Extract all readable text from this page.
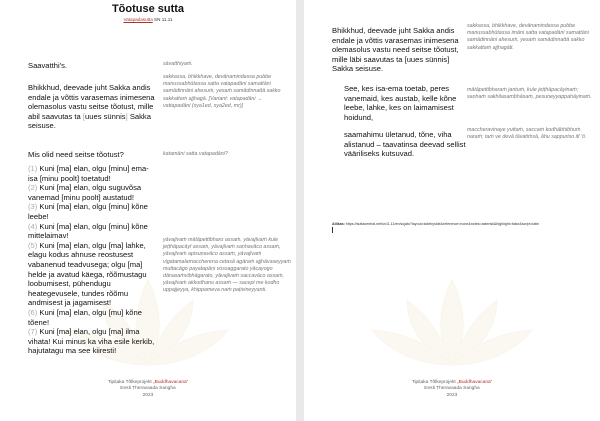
Tõotuse sutta
Vatapadasutta SN 11.11
Saavatthi's.	sāvatthiyaṁ.
Bhikkhud, deevade juht Sakka andis endale ja võttis varasemas inimesena olemasolus vastu seitse tõotust, mille abil saavutas ta [uues sünnis] Sakka seisuse.
sakkassa, bhikkhave, devānamindassa pubbe manussabhūtassa satta vatapadāni samattāni samādinnāni ahesuṁ, yesaṁ samādinnattā sakko sakkattaṁ ajjhagā. [Variant: vatapadāni → vattapadāni (sya1ed, sya2ed, mr)]
Mis olid need seitse tõotust?	katamāni satta vatapadāni?
(1) Kuni [ma] elan, olgu [minu] ema-isa [minu poolt] toetatud!
(2) Kuni [ma] elan, olgu suguvõsa vanemad [minu poolt] austatud!
(3) Kuni [ma] elan, olgu [minu] kõne leebe!
(4) Kuni [ma] elan, olgu [minu] kõne mittelaimav!
(5) Kuni [ma] elan, olgu [ma] lahke, elagu kodus ahnuse reostusest vabanenud teadvusega; olgu [ma] helde ja avatud käega, rõõmustagu loobumisest, pühendugu heategevusele, tundes rõõmu andmisest ja jagamisest!
(6) Kuni [ma] elan, olgu [mu] kõne tõene!
(7) Kuni [ma] elan, olgu [ma] ilma vihata! Kui minus ka viha esile kerkib, hajutatagu ma see kiiresti!
yāvajīvaṁ mātāpettibharo assaṁ, yāvajīvaṁ kule jeṭṭhāpacāyī assaṁ, yāvajīvaṁ saṇhavāco assaṁ, yāvajīvaṁ apisuṇavāco assaṁ, yāvajīvaṁ vigatamalamaccherena cetasā agāraṁ ajjhāvaseyyaṁ muttacāgo payatapāṇi vossaggarato yācayogo dānasaṁvibhāgarato, yāvajīvaṁ saccavāco assaṁ, yāvajīvaṁ akkodhano assaṁ — sacepi me kodho uppajjeyya, khippameva naṁ paṭivineyyanti.
Tipiṭaka Tõlkeprojekt „Buddhavacana“
Eesti Theravaada Sangha
2023
Bhikkhud, deevade juht Sakka andis endale ja võttis varasemas inimesena olemasolus vastu need seitse tõotust, mille läbi saavutas ta [uues sünnis] Sakka seisuse.
sakkassa, bhikkhave, devānamindassa pubbe manussabhūtassa imāni satta vatapadāni samattāni samādinnāni ahesuṁ, yesaṁ samādinnattā sakko sakkattaṁ ajjhagāti.
See, kes isa-ema toetab, peres vanemaid, kes austab, kelle kõne leebe, lahke, kes on laimamisest hoidund,
mātāpettibharaṁ jantuṁ, kule jeṭṭhāpacāyinaṁ; saṇhaṁ sakhilasambhāsaṁ, pesuṇeyyappahāyinaṁ.
saamahimu ületanud, tõne, viha alistanud – taavatinsa deevad sellist vääriliseks kutsuvad.
maccheravinaye yuttaṁ, saccaṁ kodhābhibhuṁ naraṁ; taṁ ve devā tāvatiṁsā, āhu sappuriso itī ’ti.
Allikas: https://suttacentral.net/sn11.11/en/sujato?layout=sidebyside&reference=none&notes=asterisk&highlight=false&script=latin
Tipiṭaka Tõlkeprojekt „Buddhavacana“
Eesti Theravaada Sangha
2023
